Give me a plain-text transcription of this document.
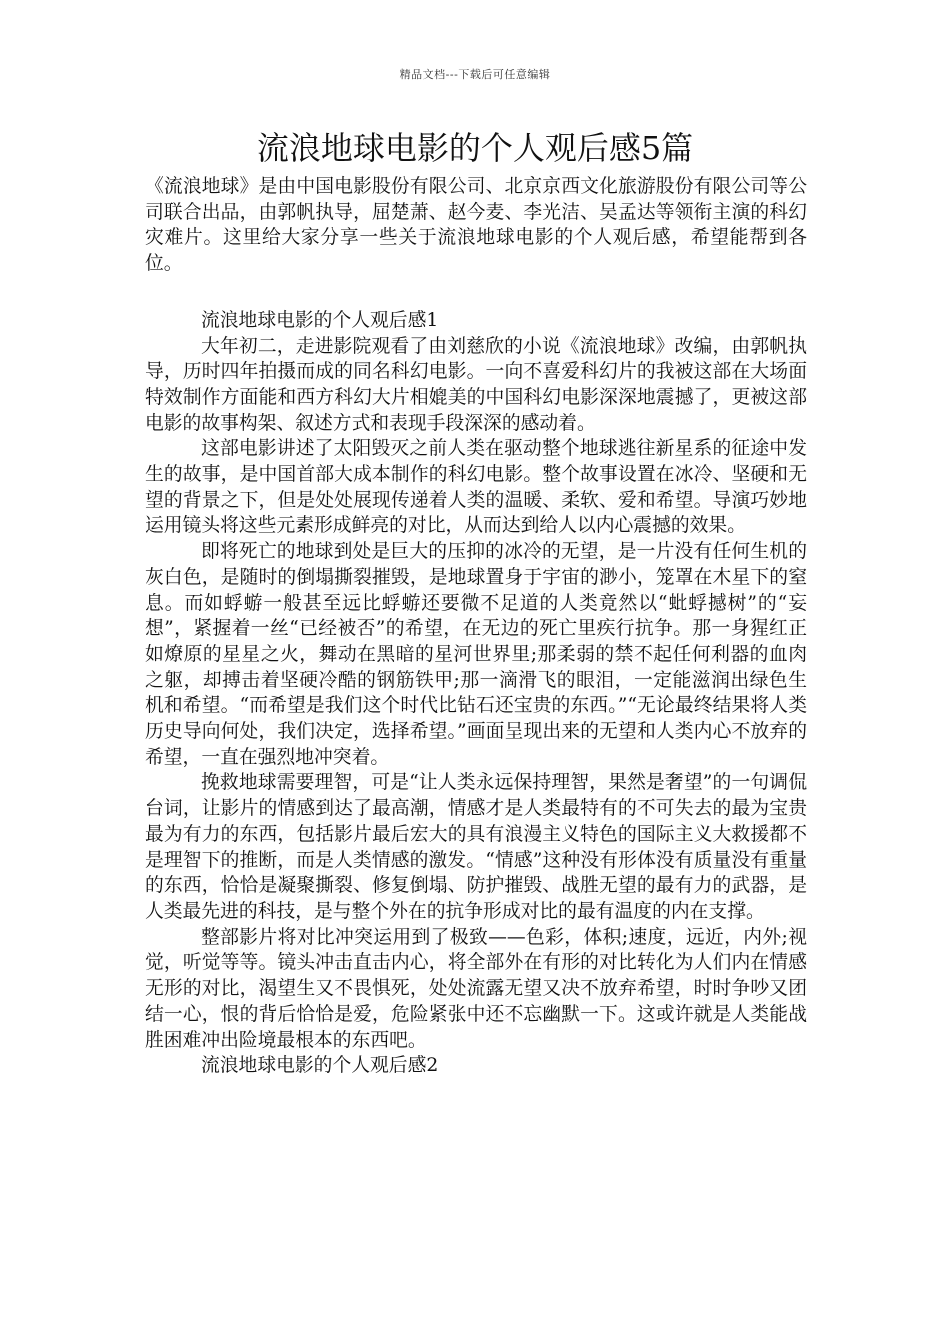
精品文档---下载后可任意编辑
流浪地球电影的个人观后感5篇

《流浪地球》是由中国电影股份有限公司、北京京西文化旅游股份有限公司等公司联合出品，由郭帆执导，屈楚萧、赵今麦、李光洁、吴孟达等领衔主演的科幻灾难片。这里给大家分享一些关于流浪地球电影的个人观后感，希望能帮到各位。

流浪地球电影的个人观后感1

大年初二，走进影院观看了由刘慈欣的小说《流浪地球》改编，由郭帆执导，历时四年拍摄而成的同名科幻电影。一向不喜爱科幻片的我被这部在大场面特效制作方面能和西方科幻大片相媲美的中国科幻电影深深地震撼了，更被这部电影的故事构架、叙述方式和表现手段深深的感动着。

这部电影讲述了太阳毁灭之前人类在驱动整个地球逃往新星系的征途中发生的故事，是中国首部大成本制作的科幻电影。整个故事设置在冰冷、坚硬和无望的背景之下，但是处处展现传递着人类的温暖、柔软、爱和希望。导演巧妙地运用镜头将这些元素形成鲜亮的对比，从而达到给人以内心震撼的效果。

即将死亡的地球到处是巨大的压抑的冰冷的无望，是一片没有任何生机的灰白色，是随时的倒塌撕裂摧毁，是地球置身于宇宙的渺小，笼罩在木星下的窒息。而如蜉蝣一般甚至远比蜉蝣还要微不足道的人类竟然以“蚍蜉撼树”的“妄想”，紧握着一丝“已经被否”的希望，在无边的死亡里疾行抗争。那一身猩红正如燎原的星星之火，舞动在黑暗的星河世界里;那柔弱的禁不起任何利器的血肉之躯，却搏击着坚硬冷酷的钢筋铁甲;那一滴滑飞的眼泪，一定能滋润出绿色生机和希望。“而希望是我们这个时代比钻石还宝贵的东西。”“无论最终结果将人类历史导向何处，我们决定，选择希望。”画面呈现出来的无望和人类内心不放弃的希望，一直在强烈地冲突着。

挽救地球需要理智，可是“让人类永远保持理智，果然是奢望”的一句调侃台词，让影片的情感到达了最高潮，情感才是人类最特有的不可失去的最为宝贵最为有力的东西，包括影片最后宏大的具有浪漫主义特色的国际主义大救援都不是理智下的推断，而是人类情感的激发。“情感”这种没有形体没有质量没有重量的东西，恰恰是凝聚撕裂、修复倒塌、防护摧毁、战胜无望的最有力的武器，是人类最先进的科技，是与整个外在的抗争形成对比的最有温度的内在支撑。

整部影片将对比冲突运用到了极致——色彩，体积;速度，远近，内外;视觉，听觉等等。镜头冲击直击内心，将全部外在有形的对比转化为人们内在情感无形的对比，渴望生又不畏惧死，处处流露无望又决不放弃希望，时时争吵又团结一心，恨的背后恰恰是爱，危险紧张中还不忘幽默一下。这或许就是人类能战胜困难冲出险境最根本的东西吧。

流浪地球电影的个人观后感2
